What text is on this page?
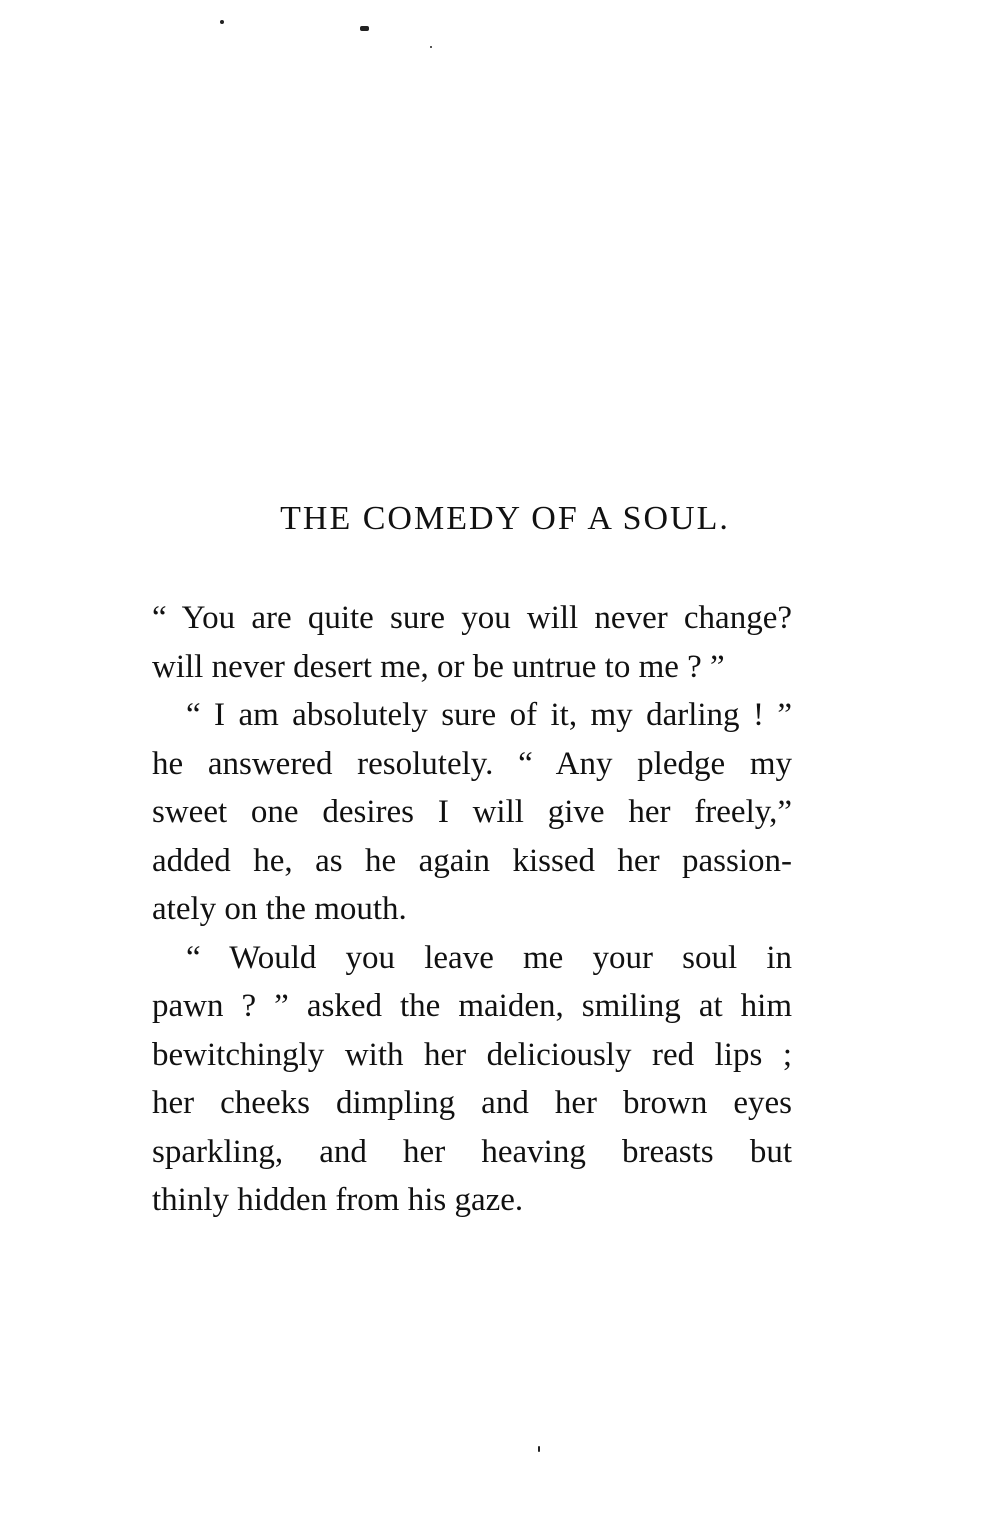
THE COMEDY OF A SOUL.
“ You are quite sure you will never change?
will never desert me, or be untrue to me ? ”
“ I am absolutely sure of it, my darling ! ”
he answered resolutely. “ Any pledge my
sweet one desires I will give her freely,”
added he, as he again kissed her passion-
ately on the mouth.
“ Would you leave me your soul in
pawn ? ” asked the maiden, smiling at him
bewitchingly with her deliciously red lips ;
her cheeks dimpling and her brown eyes
sparkling, and her heaving breasts but
thinly hidden from his gaze.
